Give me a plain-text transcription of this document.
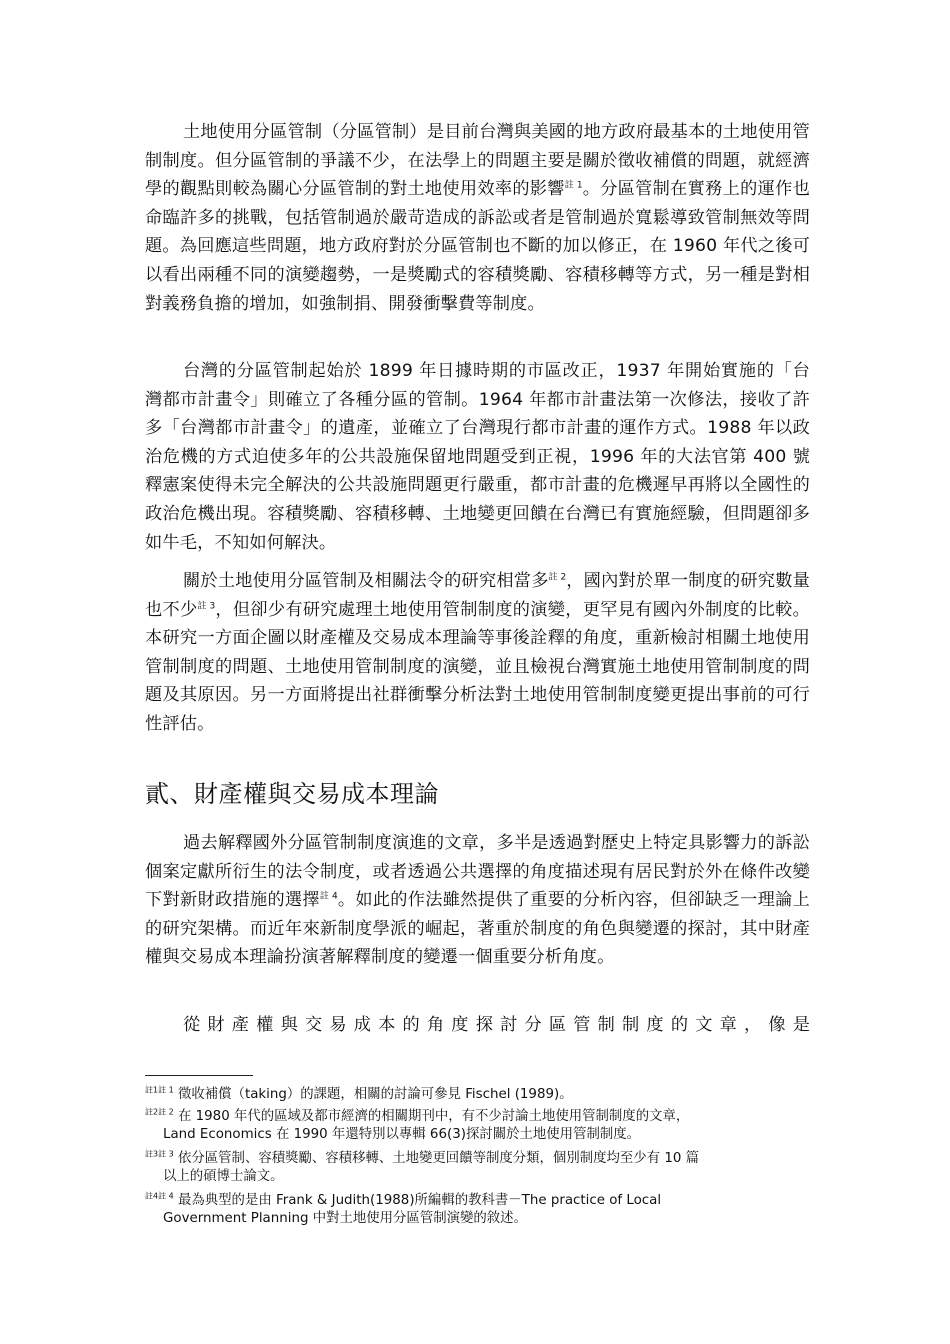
土地使用分區管制（分區管制）是目前台灣與美國的地方政府最基本的土地使用管制制度。但分區管制的爭議不少，在法學上的問題主要是關於徵收補償的問題，就經濟學的觀點則較為關心分區管制的對土地使用效率的影響$^{註 1}$。分區管制在實務上的運作也命臨許多的挑戰，包括管制過於嚴苛造成的訴訟或者是管制過於寬鬆導致管制無效等問題。為回應這些問題，地方政府對於分區管制也不斷的加以修正，在 1960 年代之後可以看出兩種不同的演變趨勢，一是獎勵式的容積獎勵、容積移轉等方式，另一種是對相對義務負擔的增加，如強制捐、開發衝擊費等制度。

台灣的分區管制起始於 1899 年日據時期的市區改正，1937 年開始實施的「台灣都市計畫令」則確立了各種分區的管制。1964 年都市計畫法第一次修法，接收了許多「台灣都市計畫令」的遺產，並確立了台灣現行都市計畫的運作方式。1988 年以政治危機的方式迫使多年的公共設施保留地問題受到正視，1996 年的大法官第 400 號釋憲案使得未完全解決的公共設施問題更行嚴重，都市計畫的危機遲早再將以全國性的政治危機出現。容積獎勵、容積移轉、土地變更回饋在台灣已有實施經驗，但問題卻多如牛毛，不知如何解決。

關於土地使用分區管制及相關法令的研究相當多$^{註 2}$，國內對於單一制度的研究數量也不少$^{註 3}$，但卻少有研究處理土地使用管制制度的演變，更罕見有國內外制度的比較。本研究一方面企圖以財產權及交易成本理論等事後詮釋的角度，重新檢討相關土地使用管制制度的問題、土地使用管制制度的演變，並且檢視台灣實施土地使用管制制度的問題及其原因。另一方面將提出社群衝擊分析法對土地使用管制制度變更提出事前的可行性評估。

貳、財產權與交易成本理論

過去解釋國外分區管制制度演進的文章，多半是透過對歷史上特定具影響力的訴訟個案定獻所衍生的法令制度，或者透過公共選擇的角度描述現有居民對於外在條件改變下對新財政措施的選擇$^{註 4}$。如此的作法雖然提供了重要的分析內容，但卻缺乏一理論上的研究架構。而近年來新制度學派的崛起，著重於制度的角色與變遷的探討，其中財產權與交易成本理論扮演著解釋制度的變遷一個重要分析角度。

從 財 產 權 與 交 易 成 本 的 角 度 探 討 分 區 管 制 制 度 的 文 章 ， 像 是

$^{註1註 1}$ 徵收補償（taking）的課題，相關的討論可參見 Fischel (1989)。

$^{註2註 2}$ 在 1980 年代的區域及都市經濟的相關期刊中，有不少討論土地使用管制制度的文章，
Land Economics 在 1990 年還特別以專輯 66(3)探討關於土地使用管制制度。

$^{註3註 3}$ 依分區管制、容積獎勵、容積移轉、土地變更回饋等制度分類，個別制度均至少有 10 篇
以上的碩博士論文。

$^{註4註 4}$ 最為典型的是由 Frank & Judith(1988)所編輯的教科書－The practice of Local
Government Planning 中對土地使用分區管制演變的敘述。
